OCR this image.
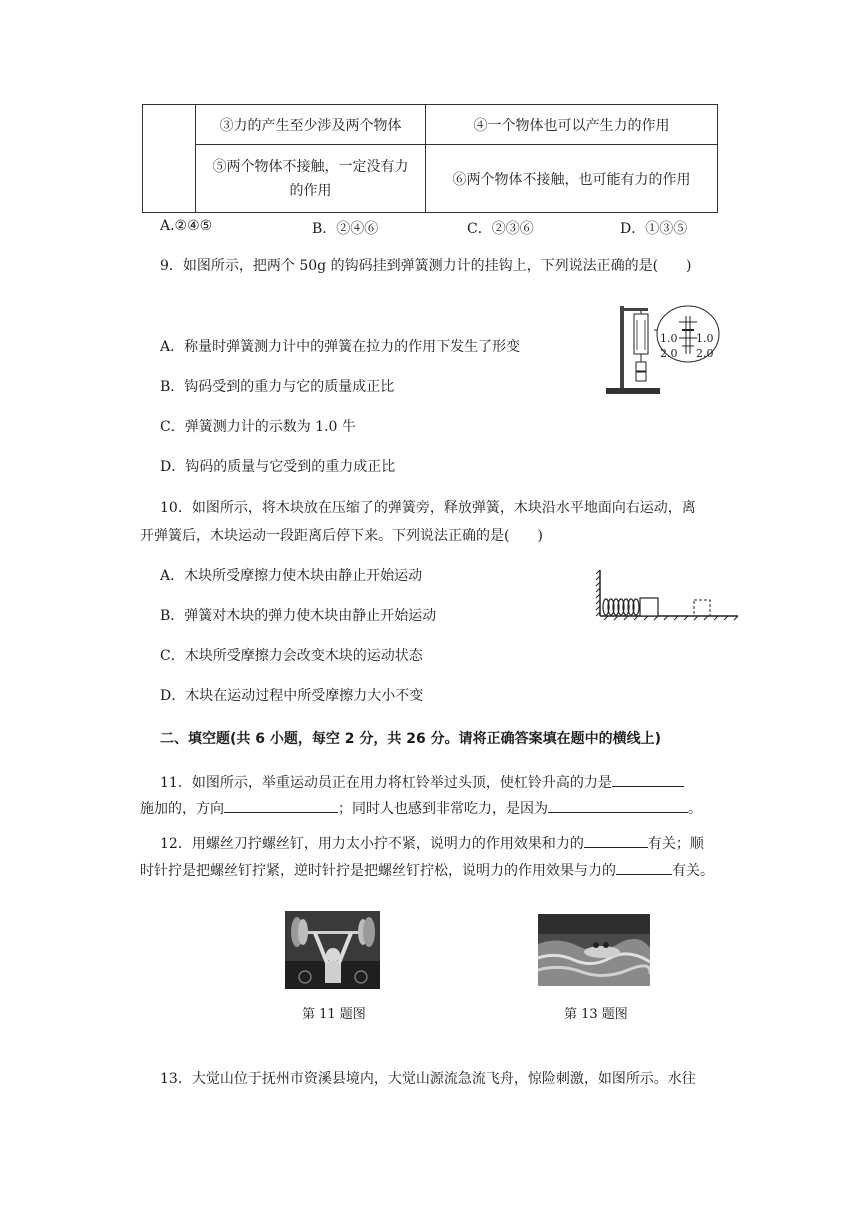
	③力的产生至少涉及两个物体	④一个物体也可以产生力的作用

	⑤两个物体不接触，一定没有力
的作用	⑥两个物体不接触，也可能有力的作用
A.②④⑤	B．②④⑥	C．②③⑥	D．①③⑤
9．如图所示，把两个 50g 的钩码挂到弹簧测力计的挂钩上，下列说法正确的是(　　)
A．称量时弹簧测力计中的弹簧在拉力的作用下发生了形变
B．钩码受到的重力与它的质量成正比
C．弹簧测力计的示数为 1.0 牛
D．钩码的质量与它受到的重力成正比
1.0 1.0
2.0 2.0
10．如图所示，将木块放在压缩了的弹簧旁，释放弹簧，木块沿水平地面向右运动，离
开弹簧后，木块运动一段距离后停下来。下列说法正确的是(　　)
A．木块所受摩擦力使木块由静止开始运动
B．弹簧对木块的弹力使木块由静止开始运动
C．木块所受摩擦力会改变木块的运动状态
D．木块在运动过程中所受摩擦力大小不变
二、填空题(共 6 小题，每空 2 分，共 26 分。请将正确答案填在题中的横线上)
11．如图所示，举重运动员正在用力将杠铃举过头顶，使杠铃升高的力是
施加的，方向	；同时人也感到非常吃力，是因为	。
12．用螺丝刀拧螺丝钉，用力太小拧不紧，说明力的作用效果和力的	有关；顺
时针拧是把螺丝钉拧紧，逆时针拧是把螺丝钉拧松，说明力的作用效果与力的	有关。
第 11 题图	第 13 题图
13．大觉山位于抚州市资溪县境内，大觉山源流急流飞舟，惊险刺激，如图所示。水往
